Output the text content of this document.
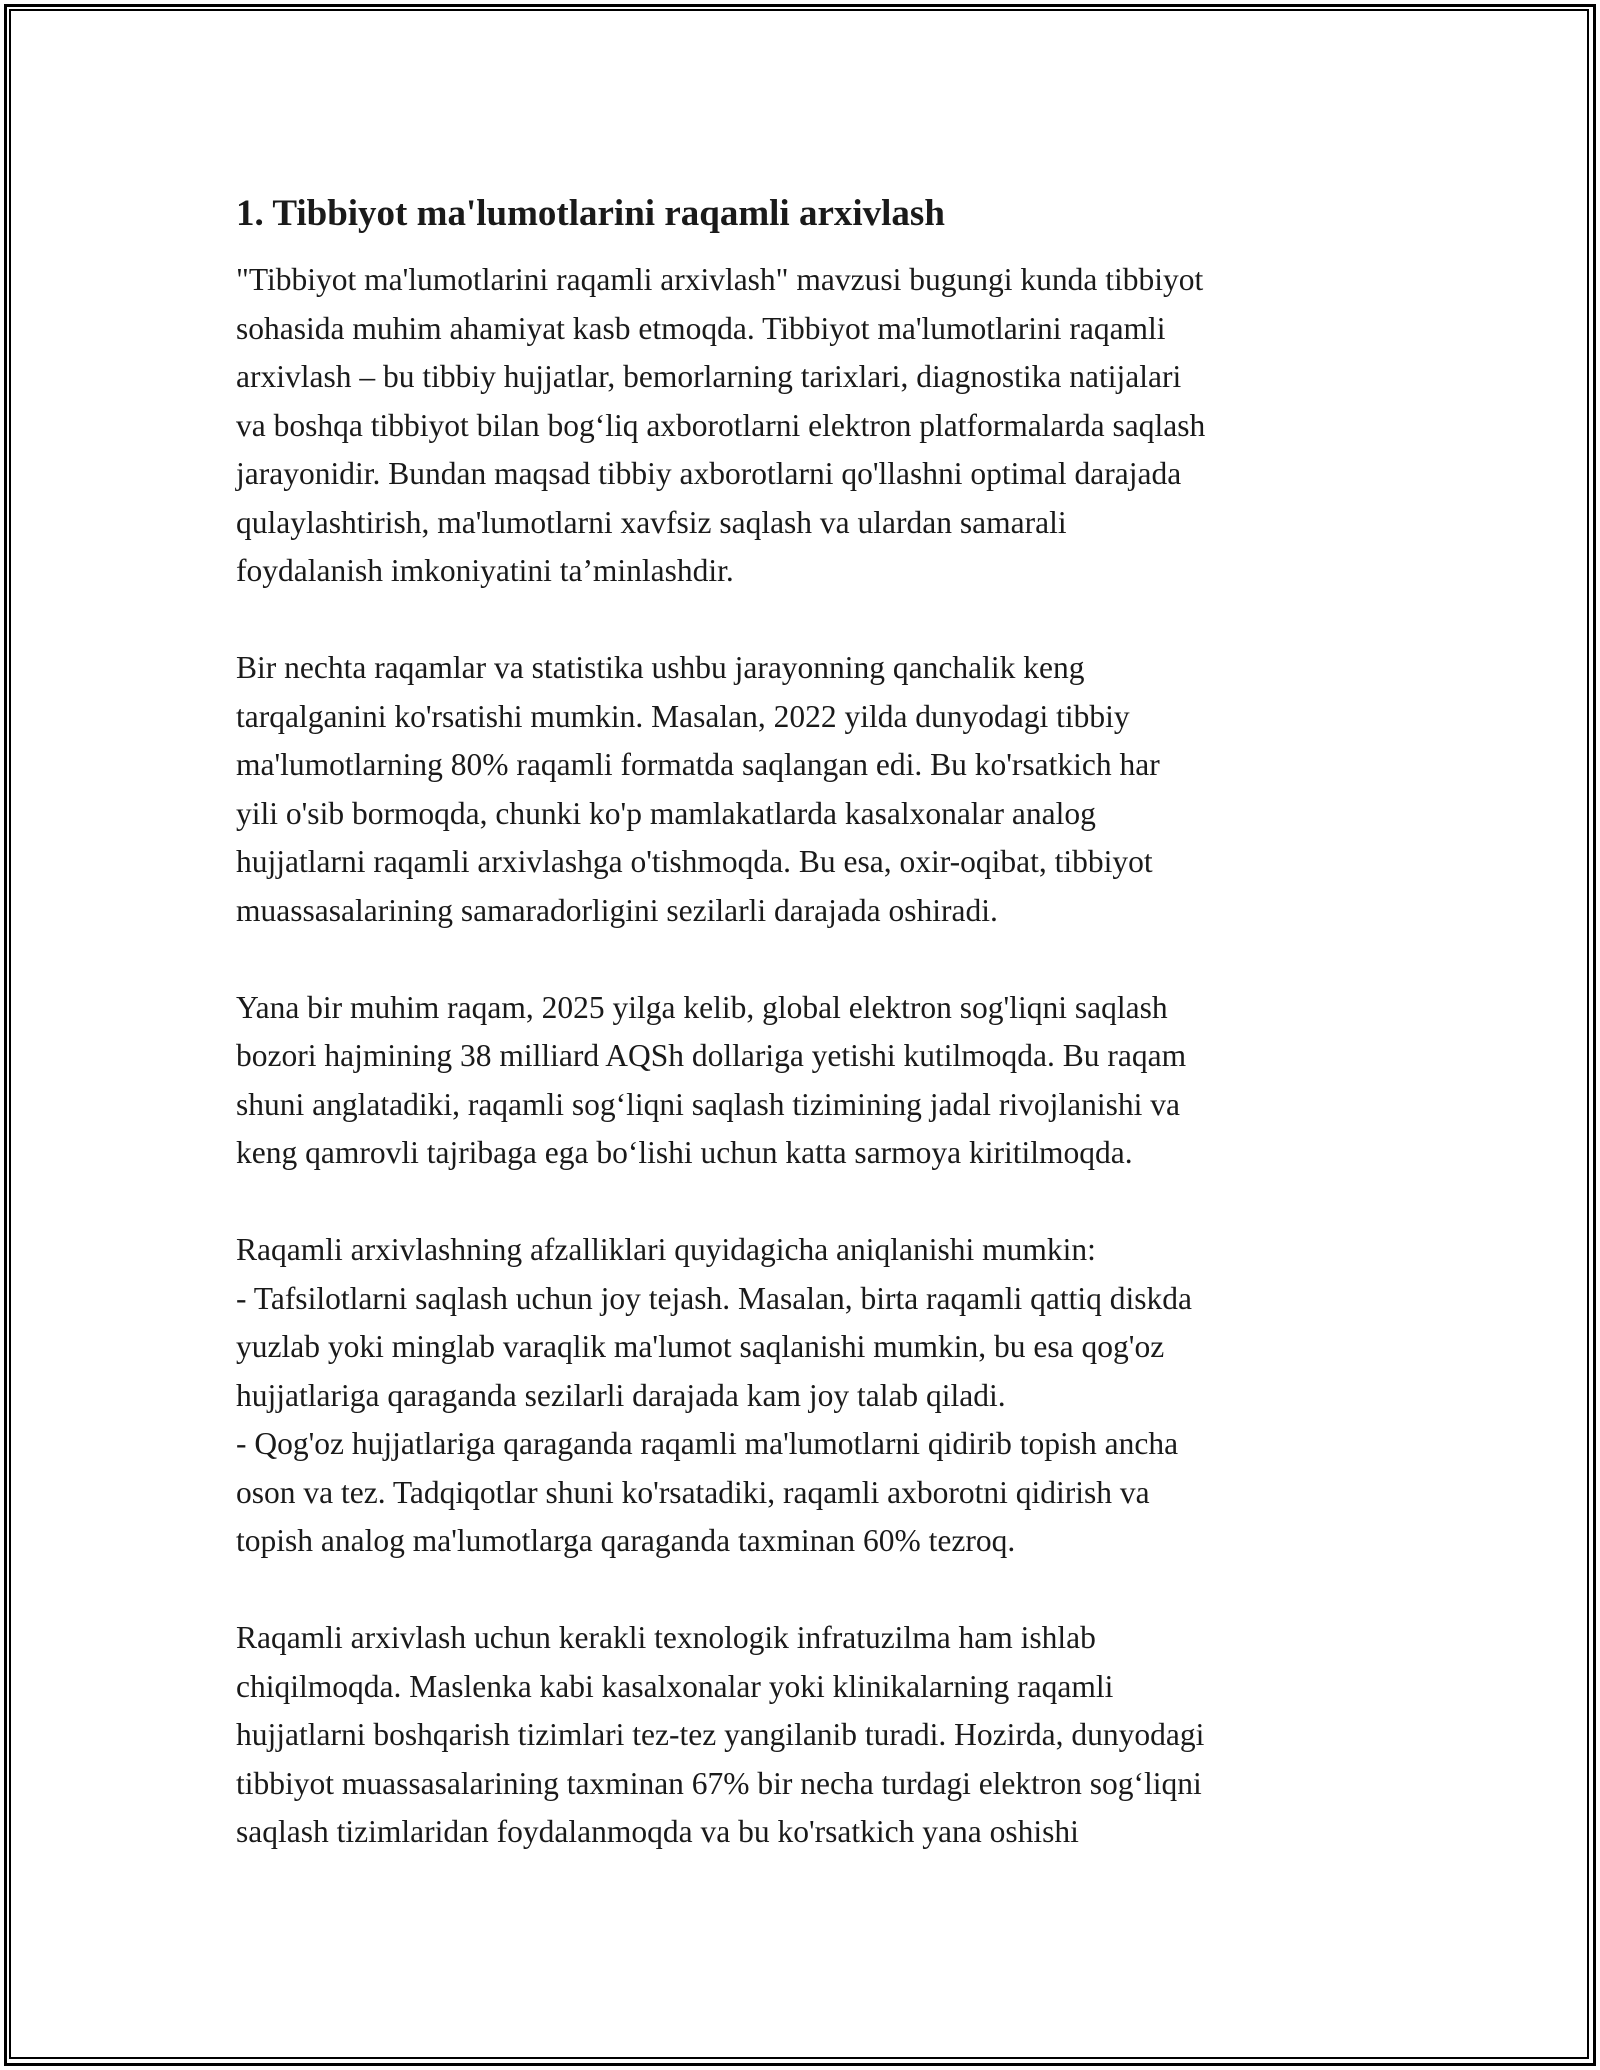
1. Tibbiyot ma'lumotlarini raqamli arxivlash

"Tibbiyot ma'lumotlarini raqamli arxivlash" mavzusi bugungi kunda tibbiyot
sohasida muhim ahamiyat kasb etmoqda. Tibbiyot ma'lumotlarini raqamli
arxivlash – bu tibbiy hujjatlar, bemorlarning tarixlari, diagnostika natijalari
va boshqa tibbiyot bilan bog‘liq axborotlarni elektron platformalarda saqlash
jarayonidir. Bundan maqsad tibbiy axborotlarni qo'llashni optimal darajada
qulaylashtirish, ma'lumotlarni xavfsiz saqlash va ulardan samarali
foydalanish imkoniyatini ta’minlashdir.

Bir nechta raqamlar va statistika ushbu jarayonning qanchalik keng
tarqalganini ko'rsatishi mumkin. Masalan, 2022 yilda dunyodagi tibbiy
ma'lumotlarning 80% raqamli formatda saqlangan edi. Bu ko'rsatkich har
yili o'sib bormoqda, chunki ko'p mamlakatlarda kasalxonalar analog
hujjatlarni raqamli arxivlashga o'tishmoqda. Bu esa, oxir-oqibat, tibbiyot
muassasalarining samaradorligini sezilarli darajada oshiradi.

Yana bir muhim raqam, 2025 yilga kelib, global elektron sog'liqni saqlash
bozori hajmining 38 milliard AQSh dollariga yetishi kutilmoqda. Bu raqam
shuni anglatadiki, raqamli sog‘liqni saqlash tizimining jadal rivojlanishi va
keng qamrovli tajribaga ega bo‘lishi uchun katta sarmoya kiritilmoqda.

Raqamli arxivlashning afzalliklari quyidagicha aniqlanishi mumkin:
- Tafsilotlarni saqlash uchun joy tejash. Masalan, birta raqamli qattiq diskda
yuzlab yoki minglab varaqlik ma'lumot saqlanishi mumkin, bu esa qog'oz
hujjatlariga qaraganda sezilarli darajada kam joy talab qiladi.
- Qog'oz hujjatlariga qaraganda raqamli ma'lumotlarni qidirib topish ancha
oson va tez. Tadqiqotlar shuni ko'rsatadiki, raqamli axborotni qidirish va
topish analog ma'lumotlarga qaraganda taxminan 60% tezroq.

Raqamli arxivlash uchun kerakli texnologik infratuzilma ham ishlab
chiqilmoqda. Maslenka kabi kasalxonalar yoki klinikalarning raqamli
hujjatlarni boshqarish tizimlari tez-tez yangilanib turadi. Hozirda, dunyodagi
tibbiyot muassasalarining taxminan 67% bir necha turdagi elektron sog‘liqni
saqlash tizimlaridan foydalanmoqda va bu ko'rsatkich yana oshishi
